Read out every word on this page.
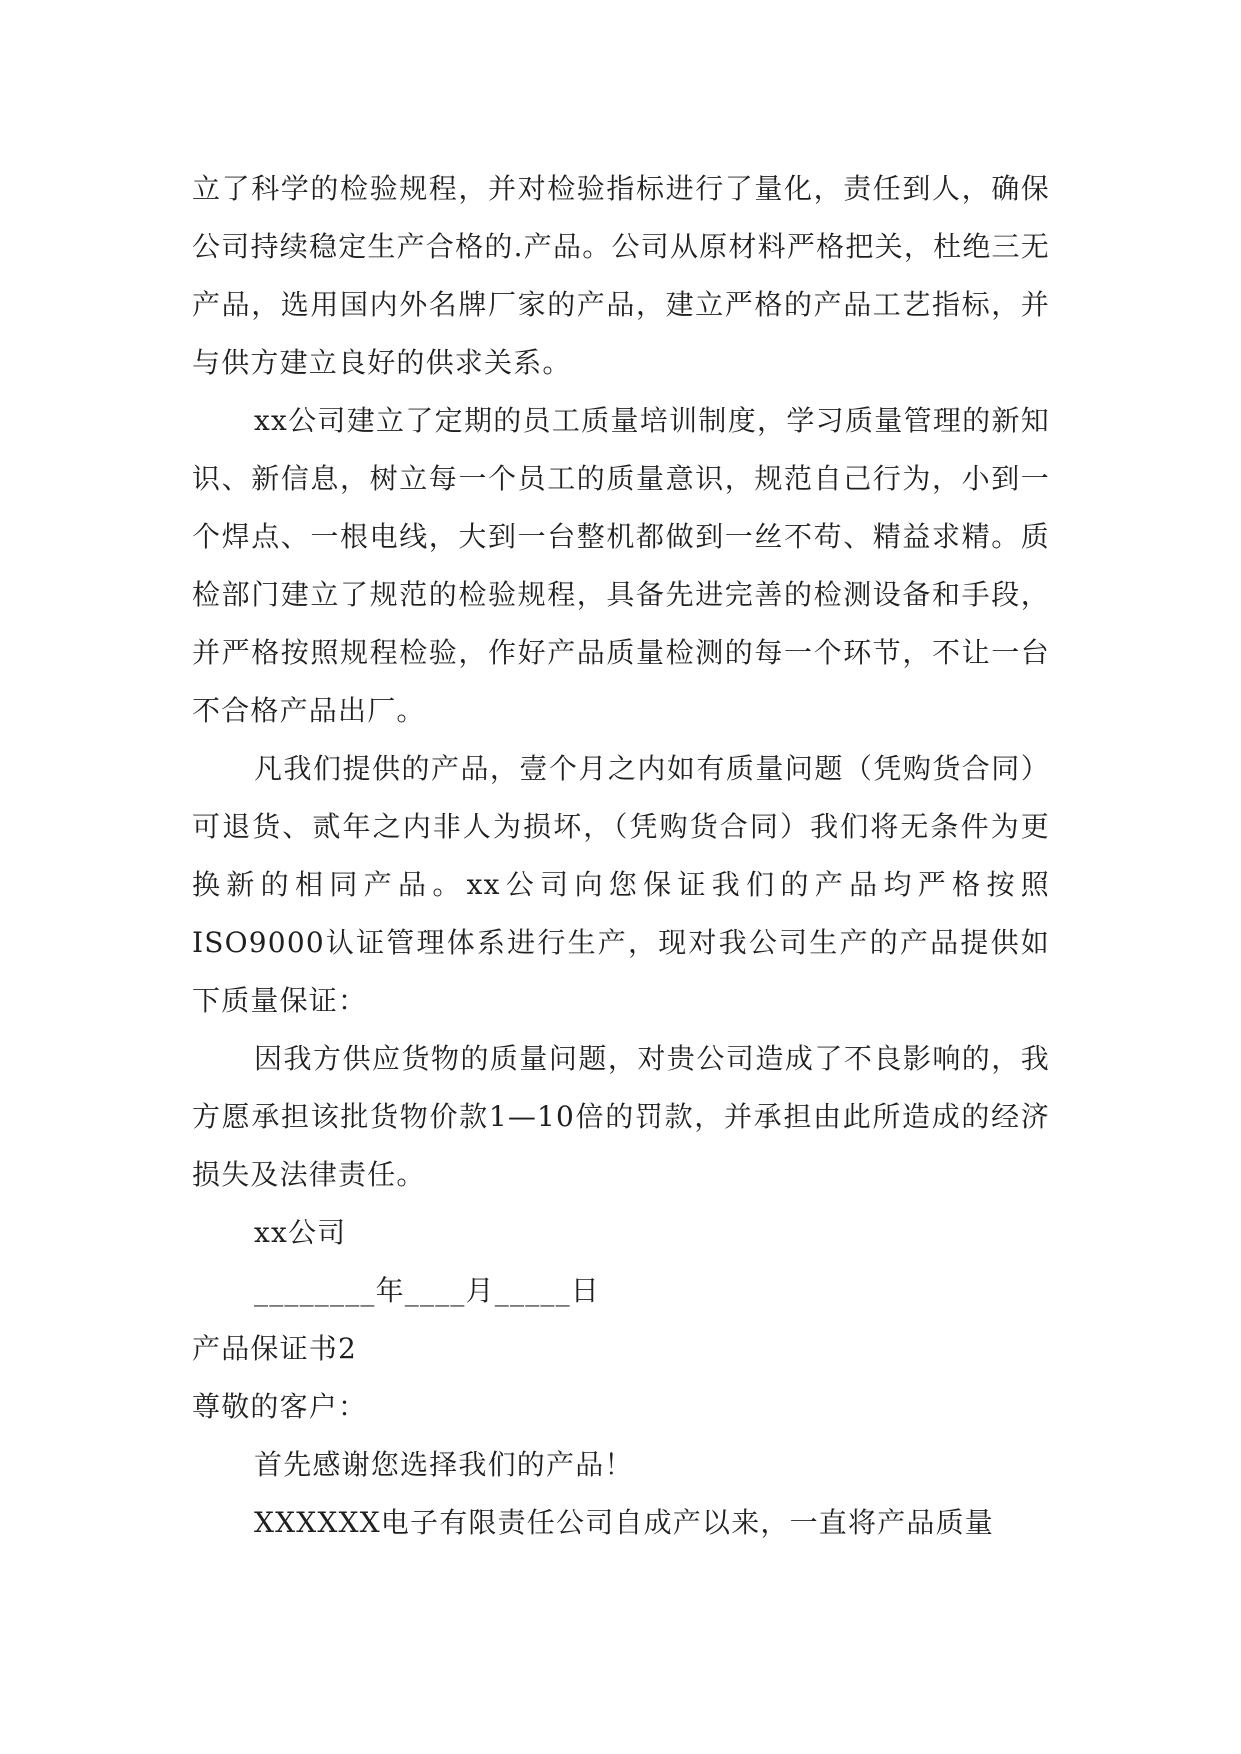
立了科学的检验规程，并对检验指标进行了量化，责任到人，确保公司持续稳定生产合格的.产品。公司从原材料严格把关，杜绝三无产品，选用国内外名牌厂家的产品，建立严格的产品工艺指标，并与供方建立良好的供求关系。

xx公司建立了定期的员工质量培训制度，学习质量管理的新知识、新信息，树立每一个员工的质量意识，规范自己行为，小到一个焊点、一根电线，大到一台整机都做到一丝不苟、精益求精。质检部门建立了规范的检验规程，具备先进完善的检测设备和手段，并严格按照规程检验，作好产品质量检测的每一个环节，不让一台不合格产品出厂。

凡我们提供的产品，壹个月之内如有质量问题（凭购货合同）可退货、贰年之内非人为损坏，（凭购货合同）我们将无条件为更换新的相同产品。xx公司向您保证我们的产品均严格按照ISO9000认证管理体系进行生产，现对我公司生产的产品提供如下质量保证：

因我方供应货物的质量问题，对贵公司造成了不良影响的，我方愿承担该批货物价款1—10倍的罚款，并承担由此所造成的经济损失及法律责任。

xx公司

________年____月_____日

产品保证书2

尊敬的客户：

首先感谢您选择我们的产品！

XXXXXX电子有限责任公司自成产以来，一直将产品质量
